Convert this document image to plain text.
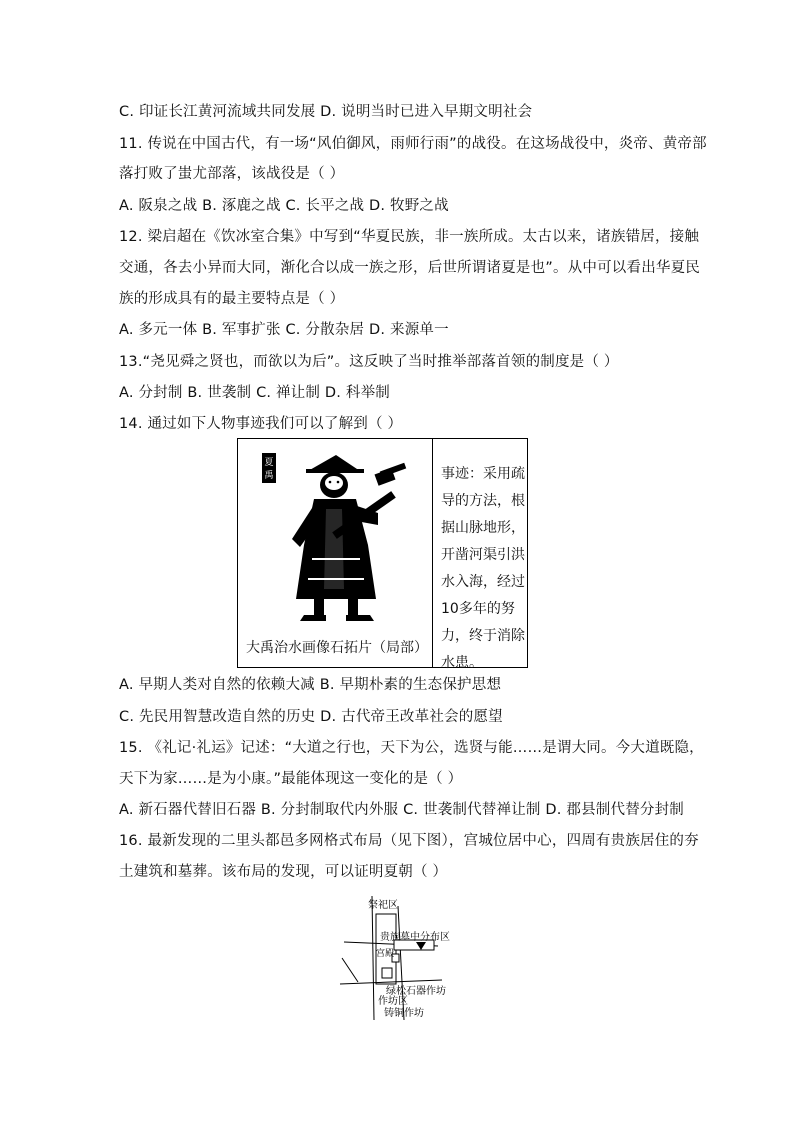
C. 印证长江黄河流域共同发展 D. 说明当时已进入早期文明社会
11. 传说在中国古代，有一场“风伯御风，雨师行雨”的战役。在这场战役中，炎帝、黄帝部
落打败了蚩尤部落，该战役是（ ）
A. 阪泉之战 B. 涿鹿之战 C. 长平之战 D. 牧野之战
12. 梁启超在《饮冰室合集》中写到“华夏民族，非一族所成。太古以来，诸族错居，接触
交通，各去小异而大同，渐化合以成一族之形，后世所谓诸夏是也”。从中可以看出华夏民
族的形成具有的最主要特点是（ ）
A. 多元一体 B. 军事扩张 C. 分散杂居 D. 来源单一
13.“尧见舜之贤也，而欲以为后”。这反映了当时推举部落首领的制度是（ ）
A. 分封制 B. 世袭制 C. 禅让制 D. 科举制
14. 通过如下人物事迹我们可以了解到（ ）
夏
禹
大禹治水画像石拓片（局部）
事迹：采用疏导的方法，根据山脉地形，开凿河渠引洪水入海，经过10多年的努力，终于消除水患。
A. 早期人类对自然的依赖大减 B. 早期朴素的生态保护思想
C. 先民用智慧改造自然的历史 D. 古代帝王改革社会的愿望
15. 《礼记·礼运》记述：“大道之行也，天下为公，选贤与能……是谓大同。今大道既隐，
天下为家……是为小康。”最能体现这一变化的是（ ）
A. 新石器代替旧石器 B. 分封制取代内外服 C. 世袭制代替禅让制 D. 郡县制代替分封制
16. 最新发现的二里头都邑多网格式布局（见下图），宫城位居中心，四周有贵族居住的夯
土建筑和墓葬。该布局的发现，可以证明夏朝（ ）
祭祀区
贵族墓中分布区
宫殿
绿松石器作坊
作坊区
铸铜作坊
